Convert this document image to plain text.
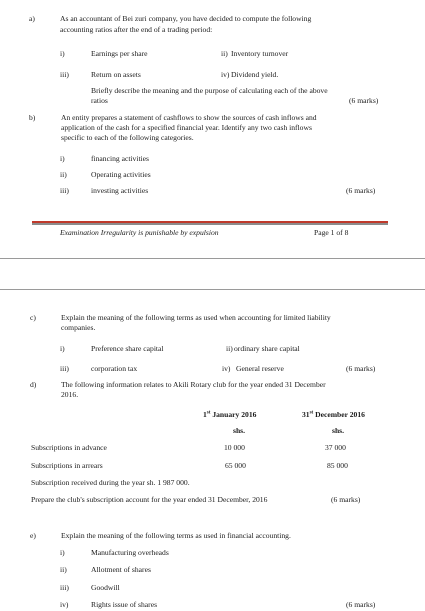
a)	As an accountant of Bei zuri company, you have decided to compute the following
accounting ratios after the end of a trading period:
i)	Earnings per share	ii) Inventory turnover
iii)	Return on assets	iv) Dividend yield.
Briefly describe the meaning and the purpose of calculating each of the above
ratios	(6 marks)
b)	An entity prepares a statement of cashflows to show the sources of cash inflows and
application of the cash for a specified financial year. Identify any two cash inflows
specific to each of the following categories.
i)	financing activities
ii)	Operating activities
iii)	investing activities	(6 marks)
Examination Irregularity is punishable by expulsion	Page 1 of 8
c)	Explain the meaning of the following terms as used when accounting for limited liability
companies.
i)	Preference share capital	ii) ordinary share capital
iii)	corporation tax	iv) General reserve	(6 marks)
d)	The following information relates to Akili Rotary club for the year ended 31 December
2016.
1st January 2016	31st December 2016
shs.	shs.
Subscriptions in advance	10 000	37 000
Subscriptions in arrears	65 000	85 000
Subscription received during the year sh. 1 987 000.
Prepare the club's subscription account for the year ended 31 December, 2016	(6 marks)
e)	Explain the meaning of the following terms as used in financial accounting.
i)	Manufacturing overheads
ii)	Allotment of shares
iii)	Goodwill
iv)	Rights issue of shares	(6 marks)
